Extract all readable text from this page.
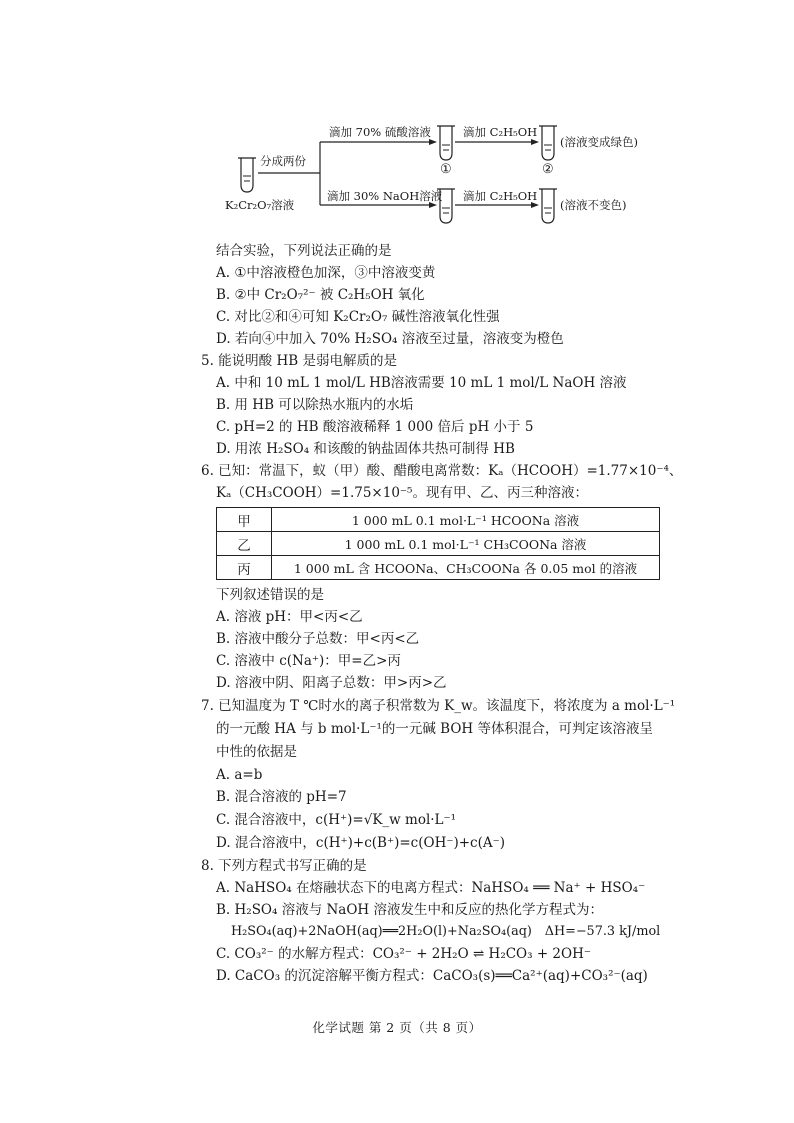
分成两份
K₂Cr₂O₇溶液
滴加 70% 硫酸溶液	滴加 C₂H₅OH
(溶液变成绿色)
①	②
滴加 30% NaOH溶液 滴加 C₂H₅OH
(溶液不变色)
结合实验，下列说法正确的是
A. ①中溶液橙色加深，③中溶液变黄
B. ②中 Cr₂O₇²⁻ 被 C₂H₅OH 氧化
C. 对比②和④可知 K₂Cr₂O₇ 碱性溶液氧化性强
D. 若向④中加入 70% H₂SO₄ 溶液至过量，溶液变为橙色
5. 能说明酸 HB 是弱电解质的是
A. 中和 10 mL 1 mol/L HB溶液需要 10 mL 1 mol/L NaOH 溶液
B. 用 HB 可以除热水瓶内的水垢
C. pH=2 的 HB 酸溶液稀释 1 000 倍后 pH 小于 5
D. 用浓 H₂SO₄ 和该酸的钠盐固体共热可制得 HB
6. 已知：常温下，蚁（甲）酸、醋酸电离常数：Kₐ（HCOOH）=1.77×10⁻⁴、
Kₐ（CH₃COOH）=1.75×10⁻⁵。现有甲、乙、丙三种溶液：
甲	1 000 mL 0.1 mol·L⁻¹ HCOONa 溶液
乙	1 000 mL 0.1 mol·L⁻¹ CH₃COONa 溶液
丙	1 000 mL 含 HCOONa、CH₃COONa 各 0.05 mol 的溶液
下列叙述错误的是
A. 溶液 pH：甲<丙<乙
B. 溶液中酸分子总数：甲<丙<乙
C. 溶液中 c(Na⁺)：甲=乙>丙
D. 溶液中阴、阳离子总数：甲>丙>乙
7. 已知温度为 T ℃时水的离子积常数为 K_w。该温度下，将浓度为 a mol·L⁻¹
的一元酸 HA 与 b mol·L⁻¹的一元碱 BOH 等体积混合，可判定该溶液呈
中性的依据是
A. a=b
B. 混合溶液的 pH=7
C. 混合溶液中，c(H⁺)=√K_w mol·L⁻¹
D. 混合溶液中，c(H⁺)+c(B⁺)=c(OH⁻)+c(A⁻)
8. 下列方程式书写正确的是
A. NaHSO₄ 在熔融状态下的电离方程式：NaHSO₄ ══ Na⁺ + HSO₄⁻
B. H₂SO₄ 溶液与 NaOH 溶液发生中和反应的热化学方程式为：
H₂SO₄(aq)+2NaOH(aq)══2H₂O(l)+Na₂SO₄(aq)　ΔH=−57.3 kJ/mol
C. CO₃²⁻ 的水解方程式：CO₃²⁻ + 2H₂O ⇌ H₂CO₃ + 2OH⁻
D. CaCO₃ 的沉淀溶解平衡方程式：CaCO₃(s)══Ca²⁺(aq)+CO₃²⁻(aq)
化学试题 第 2 页（共 8 页）
